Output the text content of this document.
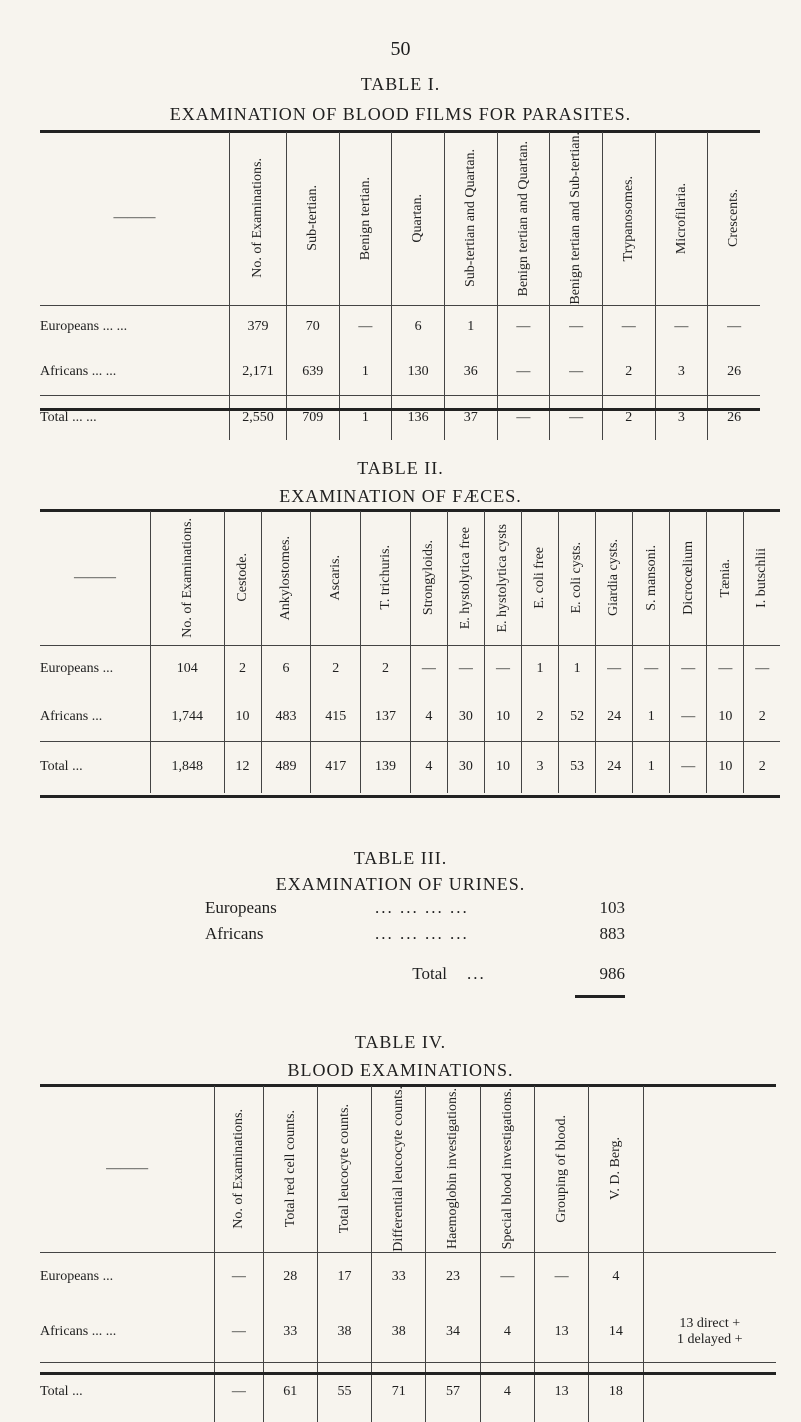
50
TABLE I.
EXAMINATION OF BLOOD FILMS FOR PARASITES.
———	No. of Examinations.	Sub-tertian.	Benign tertian.	Quartan.	Sub-tertian and Quartan.	Benign tertian and Quartan.	Benign tertian and Sub-tertian.	Trypanosomes.	Microfilaria.	Crescents.

Europeans ... ...	379	70	—	6	1	—	—	—	—	—
Africans ... ...	2,171	639	1	130	36	—	—	2	3	26
Total ... ...	2,550	709	1	136	37	—	—	2	3	26
TABLE II.
EXAMINATION OF FÆCES.
———	No. of Examinations.	Cestode.	Ankylostomes.	Ascaris.	T. trichuris.	Strongyloids.	E. hystolytica free	E. hystolytica cysts	E. coli free	E. coli cysts.	Giardia cysts.	S. mansoni.	Dicrocœlium	Tænia.	I. butschlii

Europeans ...	104	2	6	2	2	—	—	—	1	1	—	—	—	—	—
Africans ...	1,744	10	483	415	137	4	30	10	2	52	24	1	—	10	2
Total ...	1,848	12	489	417	139	4	30	10	3	53	24	1	—	10	2
TABLE III.
EXAMINATION OF URINES.
Europeans	... ... ... ...	103
Africans	... ... ... ...	883
Total	...	986
TABLE IV.
BLOOD EXAMINATIONS.
———	No. of Examinations.	Total red cell counts.	Total leucocyte counts.	Differential leucocyte counts.	Haemoglobin investigations.	Special blood investigations.	Grouping of blood.	V. D. Berg.	

Europeans ...	—	28	17	33	23	—	—	4	
Africans ... ...	—	33	38	38	34	4	13	14	13 direct +
1 delayed +
Total ...	—	61	55	71	57	4	13	18	
